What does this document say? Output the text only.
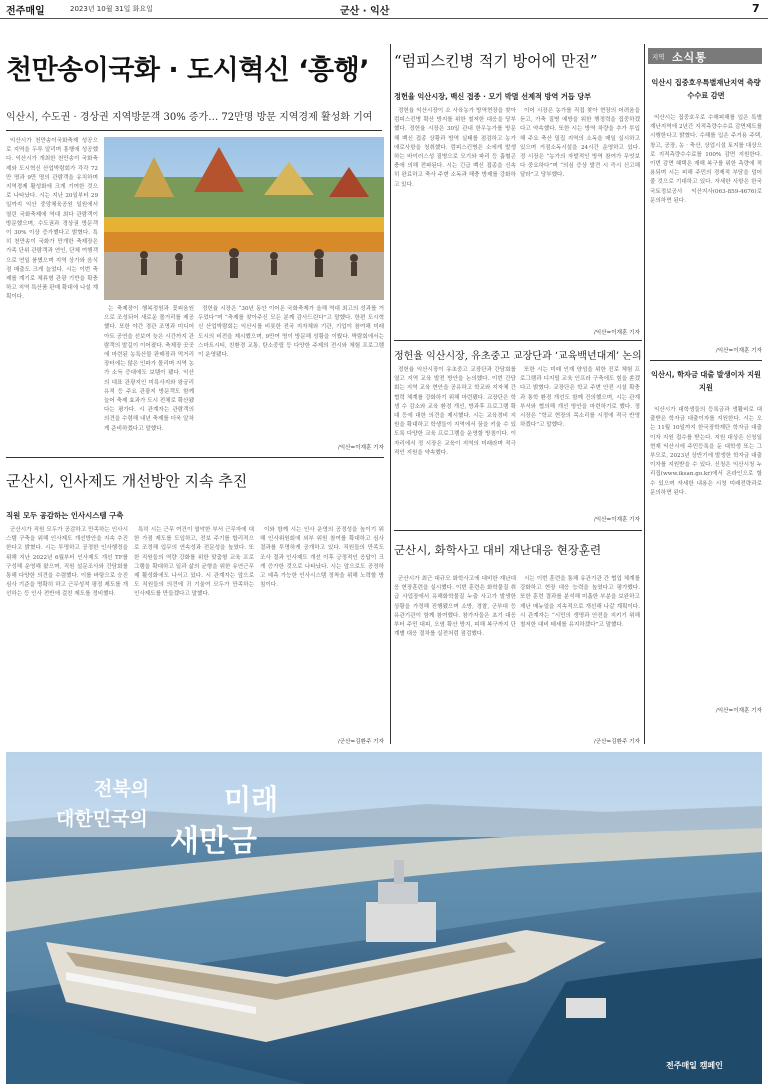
전주매일	2023년 10월 31일 화요일	군산 · 익산	7
천만송이국화 · 도시혁신 ‘흥행’
익산시, 수도권 · 경상권 지역방문객 30% 증가… 72만명 방문 지역경제 활성화 기여

익산시가 천만송이국화축제 성공으로 지역을 두루 알리며 흥행에 성공했다. 익산시가 개최한 천만송이 국화축제와 도시혁신 산업박람회가 각각 72만 명과 9만 명의 관람객을 유치하며 지역경제 활성화에 크게 기여한 것으로 나타났다. 시는 지난 20일부터 29일까지 익산 중앙체육공원 일원에서 열린 국화축제에 역대 최다 관람객이 방문했으며, 수도권과 경상권 방문객이 30% 이상 증가했다고 밝혔다. 특히 천만송이 국화가 만개한 축제장은 가족 단위 관람객과 연인, 단체 여행객으로 연일 붐볐으며 지역 상가와 음식점 매출도 크게 늘었다. 시는 이번 축제를 계기로 체류형 관광 기반을 확충하고 지역 특산품 판매 확대에 나설 계획이다.

는 축제장이 행복정원과 꽃피움원으로 조성되어 새로운 볼거리를 제공했다. 또한 야간 경관 조명과 미디어아트 공연을 선보여 늦은 시간까지 관람객의 발길이 이어졌다. 축제장 곳곳에 마련된 농특산물 판매장과 먹거리 장터에는 많은 인파가 몰리며 지역 농가 소득 증대에도 보탬이 됐다. 익산의 대표 관광지인 미륵사지와 왕궁리유적 등 주요 관광지 방문객도 함께 늘어 축제 효과가 도시 전체로 확산됐다는 평가다. 시 관계자는 관람객의 의견을 수렴해 내년 축제를 더욱 알차게 준비하겠다고 말했다.

정헌율 시장은 “30년 동안 이어온 국화축제가 올해 역대 최고의 성과를 거두었다”며 “축제를 찾아주신 모든 분께 감사드린다”고 말했다. 한편 도시혁신 산업박람회는 익산시를 비롯한 전국 지자체와 기관, 기업이 참여해 미래 도시의 비전을 제시했으며, 9만여 명이 방문해 성황을 이뤘다. 박람회에서는 스마트시티, 친환경 교통, 탄소중립 등 다양한 주제의 전시와 체험 프로그램이 운영됐다.

/익산=이재훈 기자
“럼피스킨병 적기 방어에 만전”
정헌율 익산시장, 백신 접종 · 모기 박멸 선제적 방역 거듭 당부

정헌율 익산시장이 소 사육농가 방역현장을 찾아 럼피스킨병 확산 방지를 위한 철저한 대응을 당부했다. 정헌율 시장은 30일 관내 한우농가를 방문해 백신 접종 상황과 방역 실태를 점검하고 농가 애로사항을 청취했다. 럼피스킨병은 소에게 발생하는 바이러스성 질병으로 모기와 파리 등 흡혈곤충에 의해 전파된다. 시는 긴급 백신 접종을 신속히 완료하고 축사 주변 소독과 해충 방제를 강화하고 있다.

이어 시장은 농가를 직접 찾아 현장의 어려움을 듣고, 가축 질병 예방을 위한 행정력을 집중하겠다고 약속했다. 또한 시는 방역 차량을 추가 투입해 주요 축산 밀집 지역의 소독을 매일 실시하고 있으며 거점소독시설을 24시간 운영하고 있다. 정 시장은 “농가의 자발적인 방역 참여가 무엇보다 중요하다”며 “의심 증상 발견 시 즉시 신고해 달라”고 당부했다.

/익산=이재훈 기자
정헌율 익산시장, 유초중고 교장단과 ‘교육백년대계’ 논의

정헌율 익산시장이 유초중고 교장단과 간담회를 열고 지역 교육 발전 방안을 논의했다. 이번 간담회는 지역 교육 현안을 공유하고 학교와 지자체 간 협력 체계를 강화하기 위해 마련됐다. 교장단은 학생 수 감소와 교육 환경 개선, 방과후 프로그램 확대 등에 대한 의견을 제시했다. 시는 교육경비 지원을 확대하고 학생들이 지역에서 꿈을 키울 수 있도록 다양한 교육 프로그램을 운영할 방침이다. 이 자리에서 정 시장은 교육이 지역의 미래라며 적극적인 지원을 약속했다.

또한 시는 미래 인재 양성을 위한 진로 체험 프로그램과 디지털 교육 인프라 구축에도 힘을 쏟겠다고 밝혔다. 교장단은 학교 주변 안전 시설 확충과 통학 환경 개선도 함께 건의했으며, 시는 관계 부서와 협의해 개선 방안을 마련하기로 했다. 정 시장은 “학교 현장의 목소리를 시정에 적극 반영하겠다”고 말했다.

/익산=이재훈 기자
지역 소식통
익산시 집중호우특별재난지역 측량 수수료 감면

익산시는 집중호우로 수해피해를 입은 특별재난지역에 2년간 지적측량수수료 감면제도를 시행한다고 밝혔다. 수해를 입은 주거용 주택, 창고, 공장, 농 · 축산, 상업시설 토지를 대상으로 지적측량수수료를 100% 감면 지원한다. 이번 감면 혜택은 재해 복구를 위한 측량에 적용되며 시는 피해 주민의 경제적 부담을 덜어줄 것으로 기대하고 있다. 자세한 사항은 한국국토정보공사 익산지사(063-859-4676)로 문의하면 된다.

/익산=이재훈 기자
익산시, 학자금 대출 발생이자 지원 지원

익산시가 대학생들의 등록금과 생활비로 대출받은 학자금 대출이자를 지원한다. 시는 오는 11월 10일까지 한국장학재단 학자금 대출이자 지원 접수를 받는다. 지원 대상은 신청일 현재 익산시에 주민등록을 둔 대학생 또는 그 부모로, 2023년 상반기에 발생한 학자금 대출이자를 지원받을 수 있다. 신청은 익산시청 누리집(www.iksan.go.kr)에서 온라인으로 할 수 있으며 자세한 내용은 시청 미래전략과로 문의하면 된다.

/익산=이재훈 기자
군산시, 인사제도 개선방안 지속 추진
직원 모두 공감하는 인사시스템 구축

군산시가 직원 모두가 공감하고 만족하는 인사시스템 구축을 위해 인사제도 개선방안을 지속 추진한다고 밝혔다. 시는 투명하고 공정한 인사행정을 위해 지난 2022년 6월부터 인사제도 개선 TF를 구성해 운영해 왔으며, 직원 설문조사와 간담회를 통해 다양한 의견을 수렴했다. 이를 바탕으로 승진 심사 기준을 명확히 하고 근무성적 평정 제도를 개선하는 등 인사 전반에 걸친 제도를 정비했다.

특히 시는 근무 여건이 열악한 부서 근무자에 대한 가점 제도를 도입하고, 전보 주기를 합리적으로 조정해 업무의 연속성과 전문성을 높였다. 또한 직원들의 역량 강화를 위한 맞춤형 교육 프로그램을 확대하고 일과 삶의 균형을 위한 유연근무제 활성화에도 나서고 있다. 시 관계자는 앞으로도 직원들의 의견에 귀 기울여 모두가 만족하는 인사제도를 만들겠다고 말했다.

이와 함께 시는 인사 운영의 공정성을 높이기 위해 인사위원회에 외부 위원 참여를 확대하고 심사 결과를 투명하게 공개하고 있다. 직원들의 만족도 조사 결과 인사제도 개선 이후 긍정적인 응답이 크게 증가한 것으로 나타났다. 시는 앞으로도 공정하고 예측 가능한 인사시스템 정착을 위해 노력할 방침이다.

/군산=김환주 기자
군산시, 화학사고 대비 재난대응 현장훈련

군산시가 최근 대규모 화학사고에 대비한 재난대응 현장훈련을 실시했다. 이번 훈련은 화학물질 취급 사업장에서 유해화학물질 누출 사고가 발생한 상황을 가정해 진행됐으며 소방, 경찰, 군부대 등 유관기관이 함께 참여했다. 참가자들은 초기 대응부터 주민 대피, 오염 확산 방지, 피해 복구까지 단계별 대응 절차를 실전처럼 점검했다.

시는 이번 훈련을 통해 유관기관 간 협업 체계를 강화하고 현장 대응 능력을 높였다고 평가했다. 또한 훈련 결과를 분석해 미흡한 부분을 보완하고 재난 매뉴얼을 지속적으로 개선해 나갈 계획이다. 시 관계자는 “시민의 생명과 안전을 지키기 위해 철저한 대비 태세를 유지하겠다”고 말했다.

/군산=김환주 기자
전북의
대한민국의
미래
새만금
전주매일 캠페인
